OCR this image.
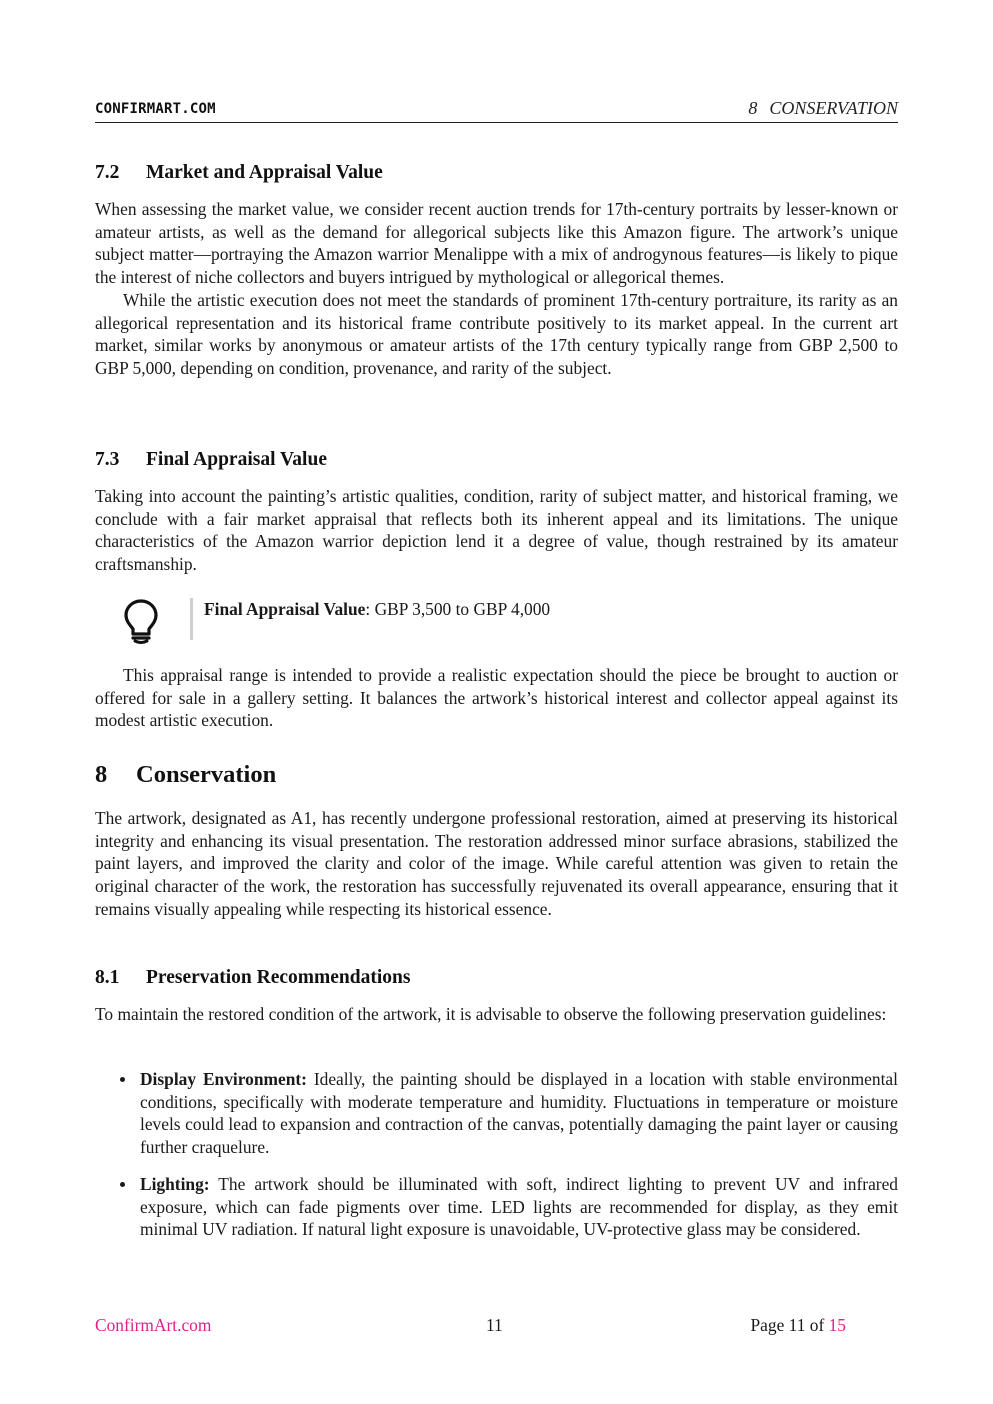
CONFIRMART.COM	8 CONSERVATION
7.2 Market and Appraisal Value

When assessing the market value, we consider recent auction trends for 17th-century portraits by lesser-known or amateur artists, as well as the demand for allegorical subjects like this Amazon figure. The artwork’s unique subject matter—portraying the Amazon warrior Menalippe with a mix of androgynous features—is likely to pique the interest of niche collectors and buyers intrigued by mythological or allegorical themes.

While the artistic execution does not meet the standards of prominent 17th-century portraiture, its rarity as an allegorical representation and its historical frame contribute positively to its market appeal. In the current art market, similar works by anonymous or amateur artists of the 17th century typically range from GBP 2,500 to GBP 5,000, depending on condition, provenance, and rarity of the subject.

7.3 Final Appraisal Value

Taking into account the painting’s artistic qualities, condition, rarity of subject matter, and historical framing, we conclude with a fair market appraisal that reflects both its inherent appeal and its limitations. The unique characteristics of the Amazon warrior depiction lend it a degree of value, though restrained by its amateur craftsmanship.

Final Appraisal Value: GBP 3,500 to GBP 4,000

This appraisal range is intended to provide a realistic expectation should the piece be brought to auction or offered for sale in a gallery setting. It balances the artwork’s historical interest and collector appeal against its modest artistic execution.

8 Conservation

The artwork, designated as A1, has recently undergone professional restoration, aimed at preserving its historical integrity and enhancing its visual presentation. The restoration addressed minor surface abrasions, stabilized the paint layers, and improved the clarity and color of the image. While careful attention was given to retain the original character of the work, the restoration has successfully rejuvenated its overall appearance, ensuring that it remains visually appealing while respecting its historical essence.

8.1 Preservation Recommendations

To maintain the restored condition of the artwork, it is advisable to observe the following preservation guidelines:

Display Environment: Ideally, the painting should be displayed in a location with stable environmental conditions, specifically with moderate temperature and humidity. Fluctuations in temperature or moisture levels could lead to expansion and contraction of the canvas, potentially damaging the paint layer or causing further craquelure.

Lighting: The artwork should be illuminated with soft, indirect lighting to prevent UV and infrared exposure, which can fade pigments over time. LED lights are recommended for display, as they emit minimal UV radiation. If natural light exposure is unavoidable, UV-protective glass may be considered.

ConfirmArt.com	11	Page 11 of 15
